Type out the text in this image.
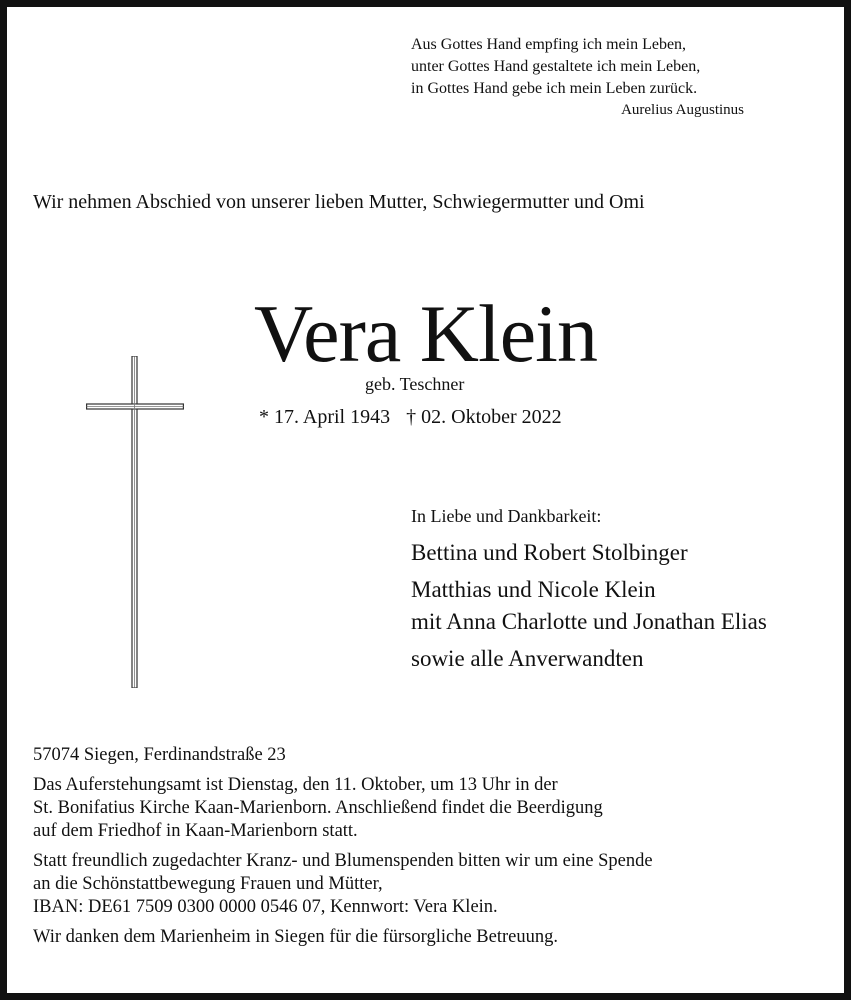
Aus Gottes Hand empfing ich mein Leben,
unter Gottes Hand gestaltete ich mein Leben,
in Gottes Hand gebe ich mein Leben zurück.
Aurelius Augustinus
Wir nehmen Abschied von unserer lieben Mutter, Schwiegermutter und Omi
Vera Klein
geb. Teschner
* 17. April 1943 † 02. Oktober 2022
In Liebe und Dankbarkeit:
Bettina und Robert Stolbinger
Matthias und Nicole Klein
mit Anna Charlotte und Jonathan Elias
sowie alle Anverwandten
57074 Siegen, Ferdinandstraße 23
Das Auferstehungsamt ist Dienstag, den 11. Oktober, um 13 Uhr in der
St. Bonifatius Kirche Kaan-Marienborn. Anschließend findet die Beerdigung
auf dem Friedhof in Kaan-Marienborn statt.
Statt freundlich zugedachter Kranz- und Blumenspenden bitten wir um eine Spende
an die Schönstattbewegung Frauen und Mütter,
IBAN: DE61 7509 0300 0000 0546 07, Kennwort: Vera Klein.
Wir danken dem Marienheim in Siegen für die fürsorgliche Betreuung.
